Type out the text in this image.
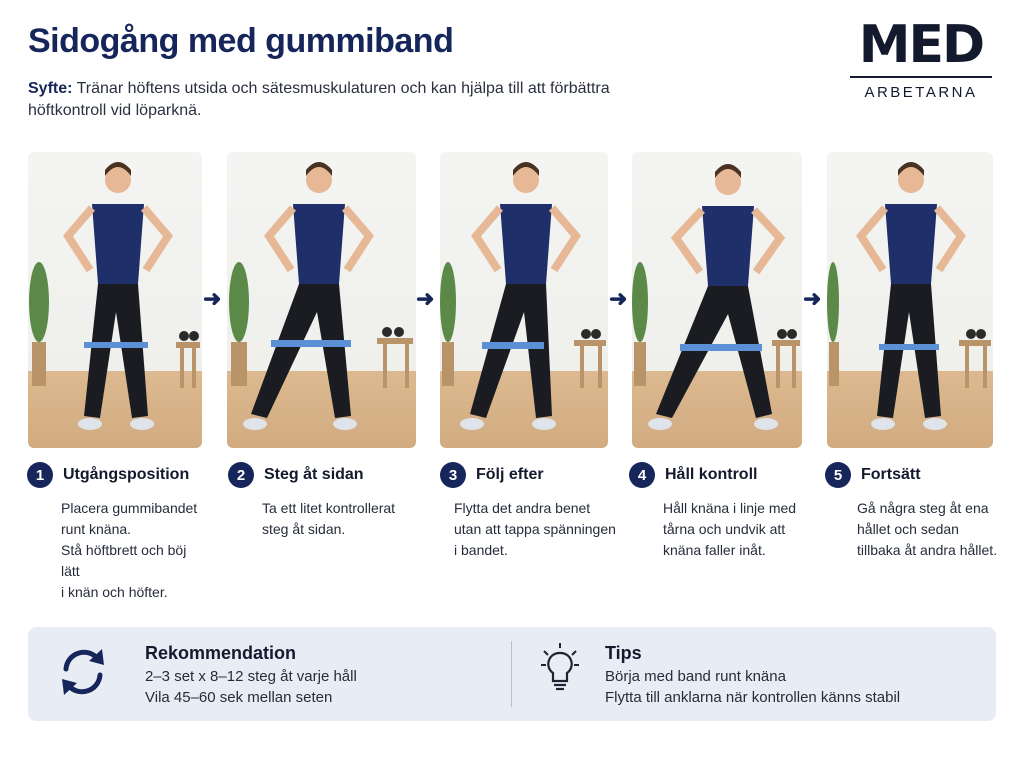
Sidogång med gummiband
Syfte: Tränar höftens utsida och sätesmuskulaturen och kan hjälpa till att förbättra höftkontroll vid löparknä.
MED
ARBETARNA
➜	➜	➜	➜
1	Utgångsposition
Placera gummibandet
runt knäna.
Stå höftbrett och böj lätt
i knän och höfter.
2	Steg åt sidan
Ta ett litet kontrollerat
steg åt sidan.
3	Följ efter
Flytta det andra benet
utan att tappa spänningen
i bandet.
4	Håll kontroll
Håll knäna i linje med
tårna och undvik att
knäna faller inåt.
5	Fortsätt
Gå några steg åt ena
hållet och sedan
tillbaka åt andra hållet.
Rekommendation
2–3 set x 8–12 steg åt varje håll
Vila 45–60 sek mellan seten
Tips
Börja med band runt knäna
Flytta till anklarna när kontrollen känns stabil
